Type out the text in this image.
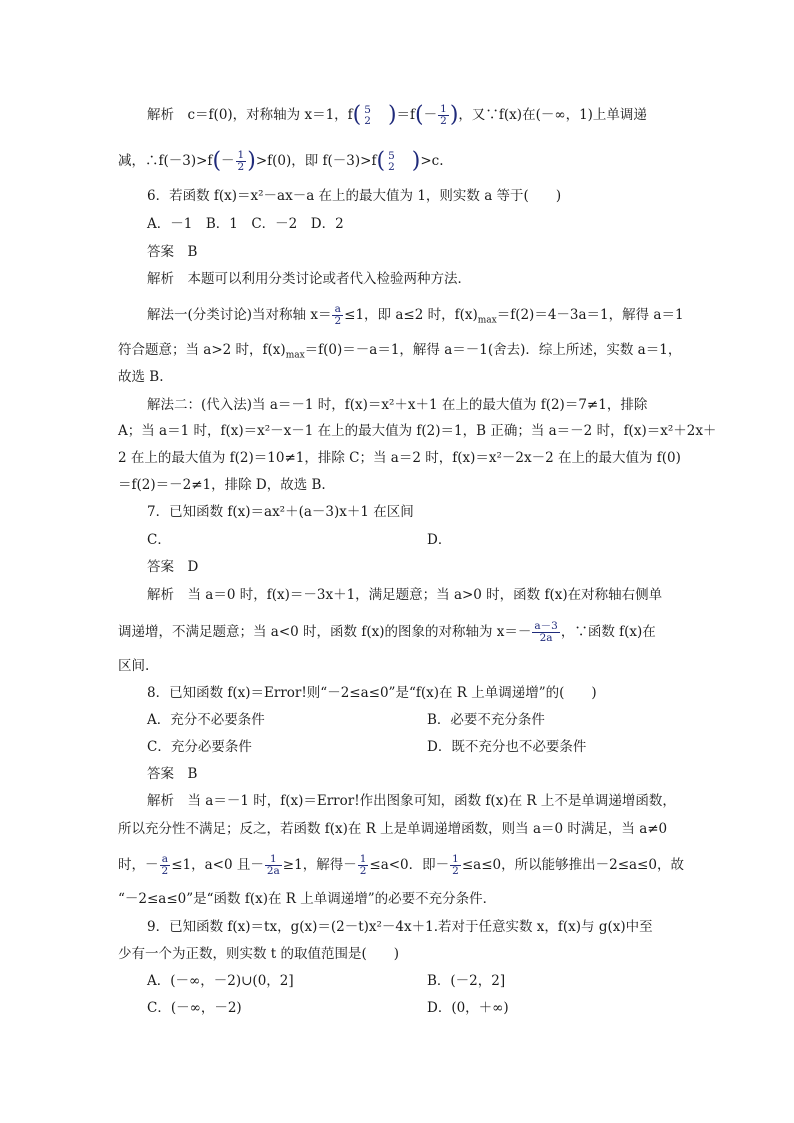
解析　c＝f(0)，对称轴为 x＝1，f( 5
2 )$=f(- \frac{1}{2}$ )，又∵f(x)在(－∞，1)上单调递
减，∴f(－3)>f(－ $\frac{1}{2} )>f(0)$，即 f(－3)>f( 5
2 )>c.
6．若函数 f(x)＝x²－ax－a 在上的最大值为 1，则实数 a 等于(　　)
A．－1　B．1　C．－2　D．2
答案　B
解析　本题可以利用分类讨论或者代入检验两种方法．
解法一(分类讨论)当对称轴 $x= \frac{a}{2} \le 1$，即 a≤2 时，$f(x)_{max}=f(2)=4-3a=1$，解得 a＝1
符合题意；当 a>2 时，$f(x)_{max}=f(0)=-a=1$，解得 a＝－1(舍去)．综上所述，实数 a＝1，
故选 B.
解法二：(代入法)当 a＝－1 时，f(x)＝x²＋x＋1 在上的最大值为 f(2)＝7≠1，排除
A；当 a＝1 时，f(x)＝x²－x－1 在上的最大值为 f(2)＝1，B 正确；当 a＝－2 时，f(x)＝x²＋2x＋
2 在上的最大值为 f(2)＝10≠1，排除 C；当 a＝2 时，f(x)＝x²－2x－2 在上的最大值为 f(0)
＝f(2)＝－2≠1，排除 D，故选 B.
7．已知函数 f(x)＝ax²＋(a－3)x＋1 在区间
C．	D．
答案　D
解析　当 a＝0 时，f(x)＝－3x＋1，满足题意；当 a>0 时，函数 f(x)在对称轴右侧单
调递增，不满足题意；当 a<0 时，函数 f(x)的图象的对称轴为 $x=- \frac{a-3}{2a}$ ，∵函数 f(x)在
区间.
8．已知函数 f(x)＝Error!则“－2≤a≤0”是“f(x)在 R 上单调递增”的(　　)
A．充分不必要条件	B．必要不充分条件
C．充分必要条件	D．既不充分也不必要条件
答案　B
解析　当 a＝－1 时，f(x)＝Error!作出图象可知，函数 f(x)在 R 上不是单调递增函数，
所以充分性不满足；反之，若函数 f(x)在 R 上是单调递增函数，则当 a＝0 时满足，当 a≠0
时，－ $\frac{a}{2} \le 1$，a<0 且－ $\frac{1}{2a} \ge 1$，解得－ $\frac{1}{2} \le a<0$．即－ $\frac{1}{2} \le a\le 0$，所以能够推出－2≤a≤0，故
“－2≤a≤0”是“函数 f(x)在 R 上单调递增”的必要不充分条件．
9．已知函数 f(x)＝tx，g(x)＝(2－t)x²－4x＋1.若对于任意实数 x，f(x)与 g(x)中至
少有一个为正数，则实数 t 的取值范围是(　　)
A．(－∞，－2)∪(0，2]	B．(－2，2]
C．(－∞，－2)	D．(0，＋∞)
